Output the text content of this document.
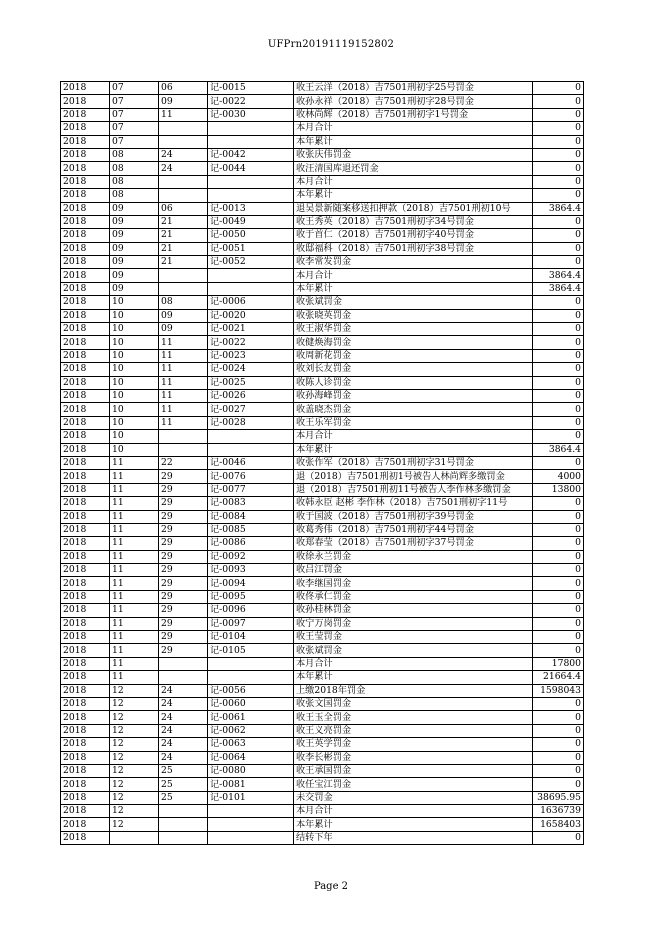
UFPrn20191119152802
2018	07	06	记-0015	收王云洋（2018）吉7501刑初字25号罚金	0
2018	07	09	记-0022	收孙永祥（2018）吉7501刑初字28号罚金	0
2018	07	11	记-0030	收林尚辉（2018）吉7501刑初字1号罚金	0
2018	07			本月合计	0
2018	07			本年累计	0
2018	08	24	记-0042	收张庆伟罚金	0
2018	08	24	记-0044	收汪清国库退还罚金	0
2018	08			本月合计	0
2018	08			本年累计	0
2018	09	06	记-0013	退吴景新随案移送扣押款（2018）吉7501刑初10号	3864.4
2018	09	21	记-0049	收王秀英（2018）吉7501刑初字34号罚金	0
2018	09	21	记-0050	收于首仁（2018）吉7501刑初字40号罚金	0
2018	09	21	记-0051	收邸福科（2018）吉7501刑初字38号罚金	0
2018	09	21	记-0052	收李常发罚金	0
2018	09			本月合计	3864.4
2018	09			本年累计	3864.4
2018	10	08	记-0006	收张斌罚金	0
2018	10	09	记-0020	收张晓英罚金	0
2018	10	09	记-0021	收王淑华罚金	0
2018	10	11	记-0022	收健焕海罚金	0
2018	10	11	记-0023	收周新花罚金	0
2018	10	11	记-0024	收刘长友罚金	0
2018	10	11	记-0025	收陈人诊罚金	0
2018	10	11	记-0026	收孙海峰罚金	0
2018	10	11	记-0027	收盖晓杰罚金	0
2018	10	11	记-0028	收王乐军罚金	0
2018	10			本月合计	0
2018	10			本年累计	3864.4
2018	11	22	记-0046	收张作军（2018）吉7501刑初字31号罚金	0
2018	11	29	记-0076	退（2018）吉7501刑初1号被告人林尚辉多缴罚金	4000
2018	11	29	记-0077	退（2018）吉7501刑初11号被告人李作林多缴罚金	13800
2018	11	29	记-0083	收韩永臣 赵彬 李作林（2018）吉7501刑初字11号	0
2018	11	29	记-0084	收于国波（2018）吉7501刑初字39号罚金	0
2018	11	29	记-0085	收葛秀伟（2018）吉7501刑初字44号罚金	0
2018	11	29	记-0086	收郑春莹（2018）吉7501刑初字37号罚金	0
2018	11	29	记-0092	收徐永兰罚金	0
2018	11	29	记-0093	收吕江罚金	0
2018	11	29	记-0094	收李继国罚金	0
2018	11	29	记-0095	收佟承仁罚金	0
2018	11	29	记-0096	收孙桂林罚金	0
2018	11	29	记-0097	收宁万岗罚金	0
2018	11	29	记-0104	收王莹罚金	0
2018	11	29	记-0105	收张斌罚金	0
2018	11			本月合计	17800
2018	11			本年累计	21664.4
2018	12	24	记-0056	上缴2018年罚金	1598043
2018	12	24	记-0060	收张文国罚金	0
2018	12	24	记-0061	收王玉全罚金	0
2018	12	24	记-0062	收王义亮罚金	0
2018	12	24	记-0063	收王英学罚金	0
2018	12	24	记-0064	收李长彬罚金	0
2018	12	25	记-0080	收王承国罚金	0
2018	12	25	记-0081	收任宝江罚金	0
2018	12	25	记-0101	未交罚金	38695.95
2018	12			本月合计	1636739
2018	12			本年累计	1658403
2018				结转下年	0
Page 2
